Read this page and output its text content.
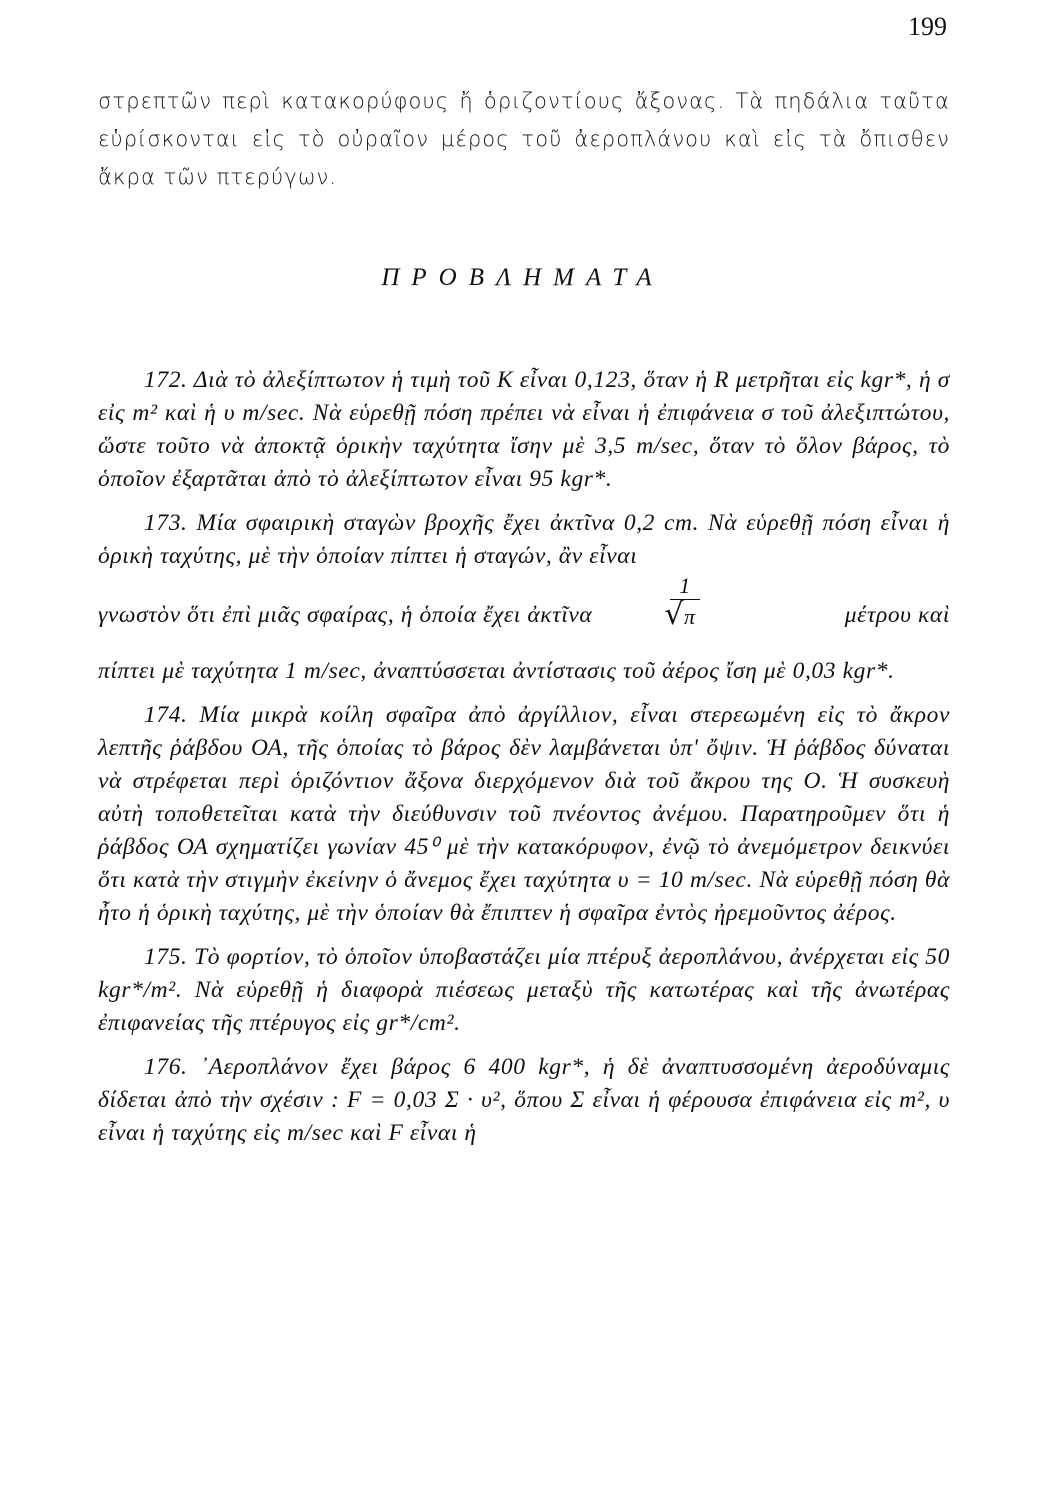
199
στρεπτῶν περὶ κατακορύφους ἤ ὁριζοντίους ἄξονας. Τὰ πηδάλια ταῦτα εὑρίσκονται εἰς τὸ οὐραῖον μέρος τοῦ ἀεροπλάνου καὶ εἰς τὰ ὄπισθεν ἄκρα τῶν πτερύγων.
ΠΡΟΒΛΗΜΑΤΑ

172. Διὰ τὸ ἀλεξίπτωτον ἡ τιμὴ τοῦ K εἶναι 0,123, ὅταν ἡ R μετρῆται εἰς kgr*, ἡ σ εἰς m² καὶ ἡ υ m/sec. Νὰ εὑρεθῇ πόση πρέπει νὰ εἶναι ἡ ἐπιφάνεια σ τοῦ ἀλεξιπτώτου, ὥστε τοῦτο νὰ ἀποκτᾷ ὁρικὴν ταχύτητα ἴσην μὲ 3,5 m/sec, ὅταν τὸ ὅλον βάρος, τὸ ὁποῖον ἐξαρτᾶται ἀπὸ τὸ ἀλεξίπτωτον εἶναι 95 kgr*.

173. Μία σφαιρικὴ σταγὼν βροχῆς ἔχει ἀκτῖνα 0,2 cm. Νὰ εὑρεθῇ πόση εἶναι ἡ ὁρικὴ ταχύτης, μὲ τὴν ὁποίαν πίπτει ἡ σταγών, ἂν εἶναι
γνωστὸν ὅτι ἐπὶ μιᾶς σφαίρας, ἡ ὁποία ἔχει ἀκτῖνα	$\frac{1}{√\pi}$	μέτρου καὶ
πίπτει μὲ ταχύτητα 1 m/sec, ἀναπτύσσεται ἀντίστασις τοῦ ἀέρος ἴση μὲ 0,03 kgr*.

174. Μία μικρὰ κοίλη σφαῖρα ἀπὸ ἀργίλλιον, εἶναι στερεωμένη εἰς τὸ ἄκρον λεπτῆς ῥάβδου ΟΑ, τῆς ὁποίας τὸ βάρος δὲν λαμβάνεται ὑπ' ὄψιν. Ἡ ῥάβδος δύναται νὰ στρέφεται περὶ ὁριζόντιον ἄξονα διερχόμενον διὰ τοῦ ἄκρου της Ο. Ἡ συσκευὴ αὐτὴ τοποθετεῖται κατὰ τὴν διεύθυνσιν τοῦ πνέοντος ἀνέμου. Παρατηροῦμεν ὅτι ἡ ῥάβδος ΟΑ σχηματίζει γωνίαν 45⁰ μὲ τὴν κατακόρυφον, ἐνῷ τὸ ἀνεμόμετρον δεικνύει ὅτι κατὰ τὴν στιγμὴν ἐκείνην ὁ ἄνεμος ἔχει ταχύτητα υ = 10 m/sec. Νὰ εὑρεθῇ πόση θὰ ἦτο ἡ ὁρικὴ ταχύτης, μὲ τὴν ὁποίαν θὰ ἔπιπτεν ἡ σφαῖρα ἐντὸς ἠρεμοῦντος ἀέρος.

175. Τὸ φορτίον, τὸ ὁποῖον ὑποβαστάζει μία πτέρυξ ἀεροπλάνου, ἀνέρχεται εἰς 50 kgr*/m². Νὰ εὑρεθῇ ἡ διαφορὰ πιέσεως μεταξὺ τῆς κατωτέρας καὶ τῆς ἀνωτέρας ἐπιφανείας τῆς πτέρυγος εἰς gr*/cm².

176. ᾿Αεροπλάνον ἔχει βάρος 6 400 kgr*, ἡ δὲ ἀναπτυσσομένη ἀεροδύναμις δίδεται ἀπὸ τὴν σχέσιν : F = 0,03 Σ · υ², ὅπου Σ εἶναι ἡ φέρουσα ἐπιφάνεια εἰς m², υ εἶναι ἡ ταχύτης εἰς m/sec καὶ F εἶναι ἡ
